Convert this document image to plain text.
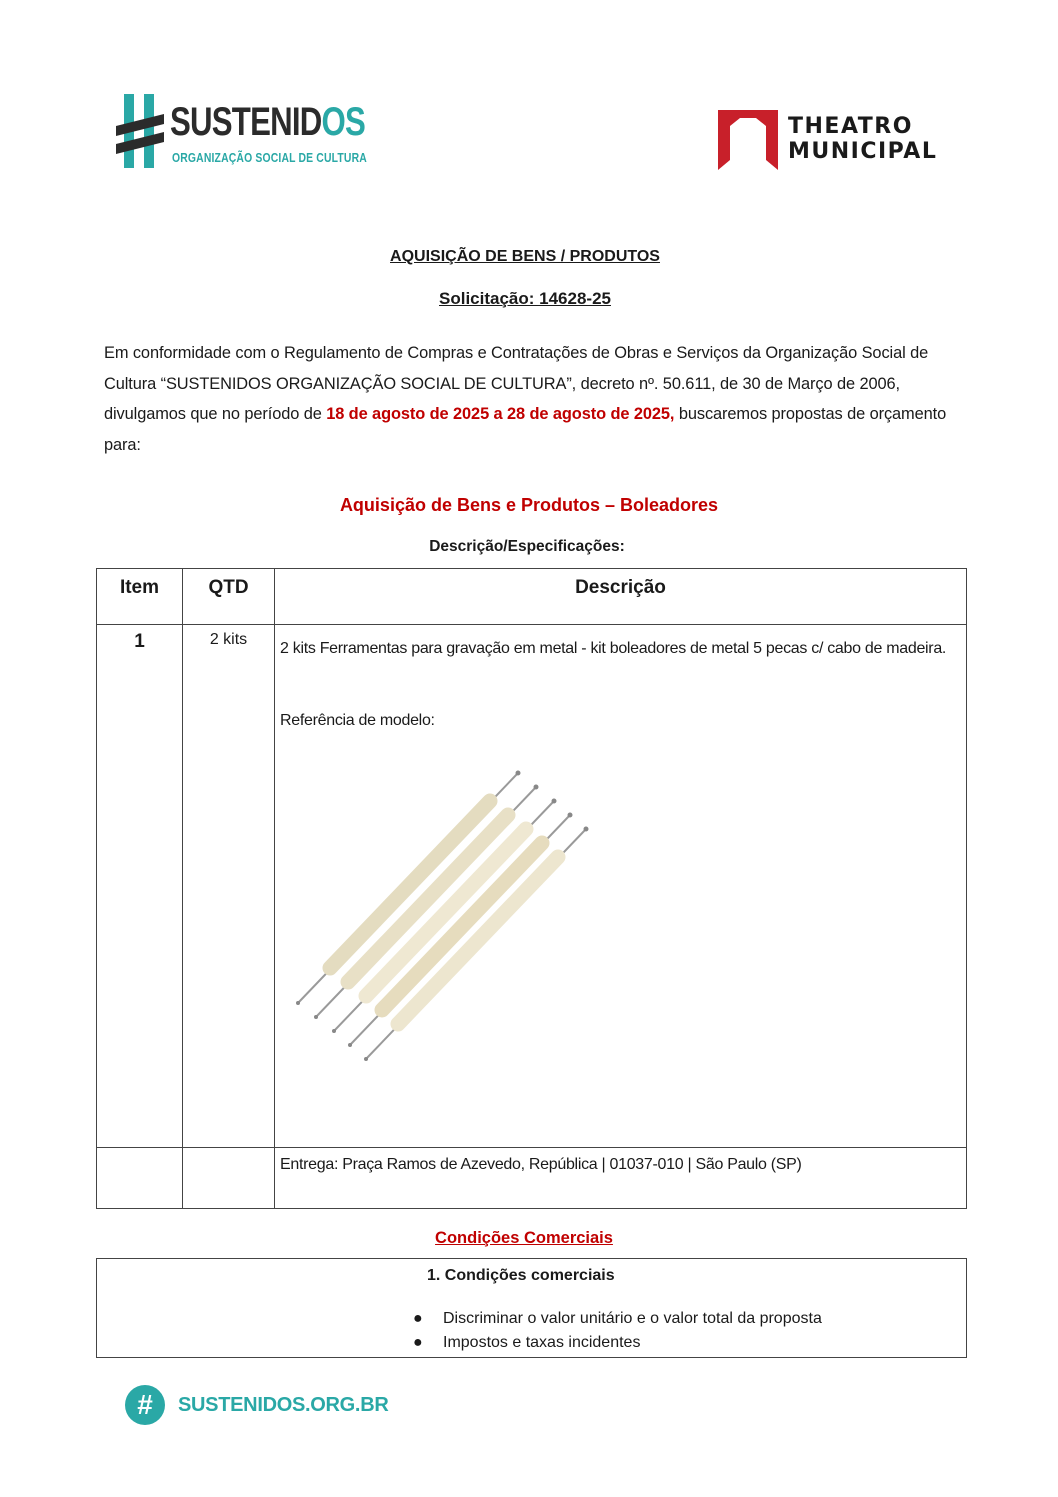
SUSTENIDOS
ORGANIZAÇÃO SOCIAL DE CULTURA
THEATRO
MUNICIPAL
AQUISIÇÃO DE BENS / PRODUTOS
Solicitação: 14628-25
Em conformidade com o Regulamento de Compras e Contratações de Obras e Serviços da Organização Social de Cultura “SUSTENIDOS ORGANIZAÇÃO SOCIAL DE CULTURA”, decreto nº. 50.611, de 30 de Março de 2006, divulgamos que no período de 18 de agosto de 2025 a 28 de agosto de 2025, buscaremos propostas de orçamento para:
Aquisição de Bens e Produtos – Boleadores
Descrição/Especificações:
Item	QTD	Descrição
1	2 kits	2 kits Ferramentas para gravação em metal - kit boleadores de metal 5 pecas c/ cabo de madeira.
Referência de modelo:

		Entrega: Praça Ramos de Azevedo, República | 01037-010 | São Paulo (SP)
Condições Comerciais
1. Condições comerciais
● Discriminar o valor unitário e o valor total da proposta
● Impostos e taxas incidentes
#	SUSTENIDOS.ORG.BR
